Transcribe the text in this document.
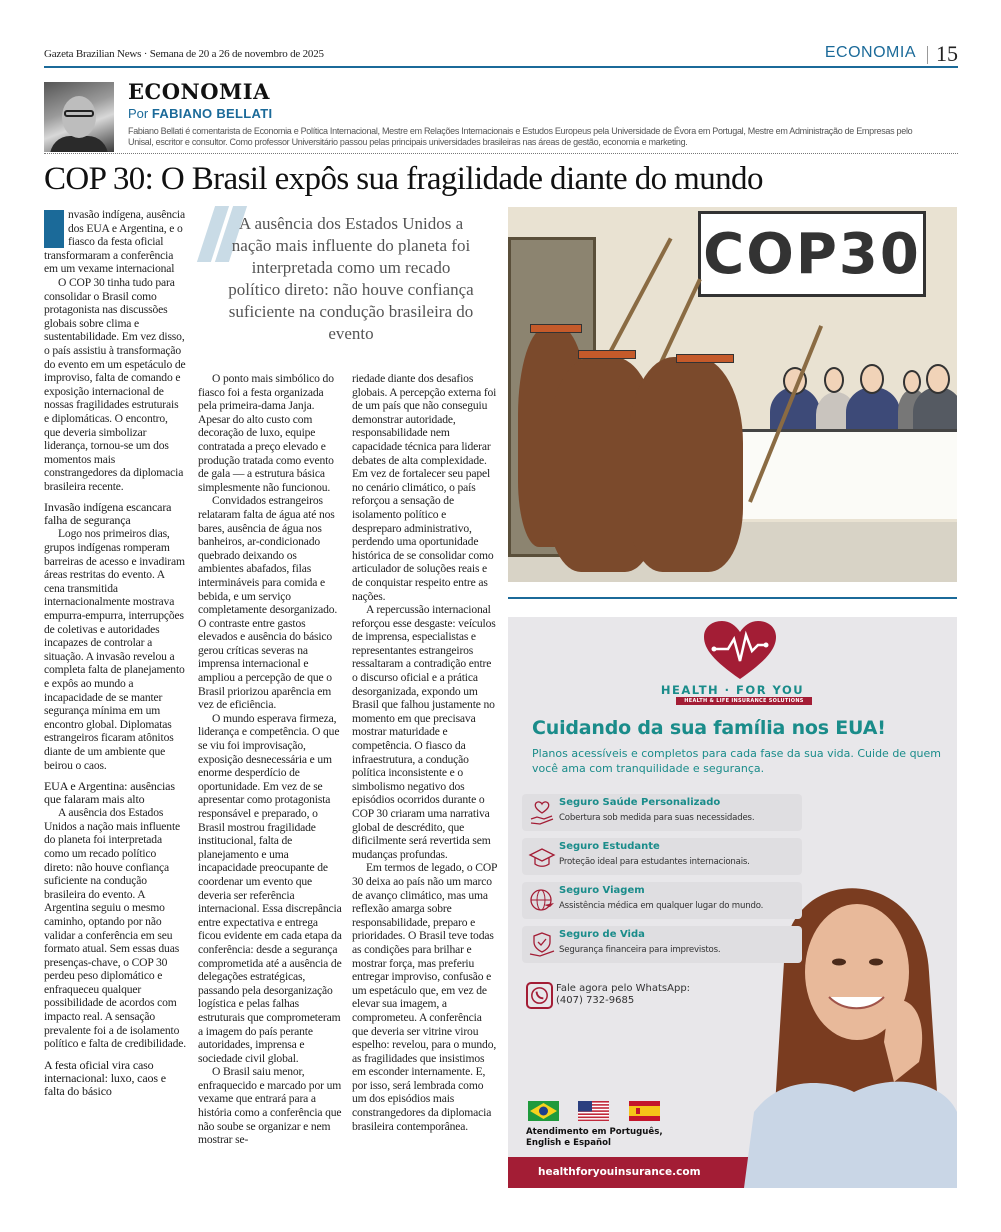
Gazeta Brazilian News · Semana de 20 a 26 de novembro de 2025	ECONOMIA 15
ECONOMIA
Por FABIANO BELLATI
Fabiano Bellati é comentarista de Economia e Política Internacional, Mestre em Relações Internacionais e Estudos Europeus pela Universidade de Évora em Portugal, Mestre em Administração de Empresas pelo Unisal, escritor e consultor. Como professor Universitário passou pelas principais universidades brasileiras nas áreas de gestão, economia e marketing.
COP 30: O Brasil expôs sua fragilidade diante do mundo

nvasão indígena, ausência dos EUA e Argentina, e o fiasco da festa oficial transformaram a conferência em um vexame internacional

O COP 30 tinha tudo para consolidar o Brasil como protagonista nas discussões globais sobre clima e sustentabilidade. Em vez disso, o país assistiu à transformação do evento em um espetáculo de improviso, falta de comando e exposição internacional de nossas fragilidades estruturais e diplomáticas. O encontro, que deveria simbolizar liderança, tornou-se um dos momentos mais constrangedores da diplomacia brasileira recente.

Invasão indígena escancara falha de segurança

Logo nos primeiros dias, grupos indígenas romperam barreiras de acesso e invadiram áreas restritas do evento. A cena transmitida internacionalmente mostrava empurra-empurra, interrupções de coletivas e autoridades incapazes de controlar a situação. A invasão revelou a completa falta de planejamento e expôs ao mundo a incapacidade de se manter segurança mínima em um encontro global. Diplomatas estrangeiros ficaram atônitos diante de um ambiente que beirou o caos.

EUA e Argentina: ausências que falaram mais alto

A ausência dos Estados Unidos a nação mais influente do planeta foi interpretada como um recado político direto: não houve confiança suficiente na condução brasileira do evento. A Argentina seguiu o mesmo caminho, optando por não validar a conferência em seu formato atual. Sem essas duas presenças-chave, o COP 30 perdeu peso diplomático e enfraqueceu qualquer possibilidade de acordos com impacto real. A sensação prevalente foi a de isolamento político e falta de credibilidade.

A festa oficial vira caso internacional: luxo, caos e falta do básico
A ausência dos Estados Unidos a nação mais influente do planeta foi interpretada como um recado político direto: não houve confiança suficiente na condução brasileira do evento

O ponto mais simbólico do fiasco foi a festa organizada pela primeira-dama Janja. Apesar do alto custo com decoração de luxo, equipe contratada a preço elevado e produção tratada como evento de gala — a estrutura básica simplesmente não funcionou.

Convidados estrangeiros relataram falta de água até nos bares, ausência de água nos banheiros, ar-condicionado quebrado deixando os ambientes abafados, filas intermináveis para comida e bebida, e um serviço completamente desorganizado. O contraste entre gastos elevados e ausência do básico gerou críticas severas na imprensa internacional e ampliou a percepção de que o Brasil priorizou aparência em vez de eficiência.

O mundo esperava firmeza, liderança e competência. O que se viu foi improvisação, exposição desnecessária e um enorme desperdício de oportunidade. Em vez de se apresentar como protagonista responsável e preparado, o Brasil mostrou fragilidade institucional, falta de planejamento e uma incapacidade preocupante de coordenar um evento que deveria ser referência internacional. Essa discrepância entre expectativa e entrega ficou evidente em cada etapa da conferência: desde a segurança comprometida até a ausência de delegações estratégicas, passando pela desorganização logística e pelas falhas estruturais que comprometeram a imagem do país perante autoridades, imprensa e sociedade civil global.

O Brasil saiu menor, enfraquecido e marcado por um vexame que entrará para a história como a conferência que não soube se organizar e nem mostrar se-

riedade diante dos desafios globais. A percepção externa foi de um país que não conseguiu demonstrar autoridade, responsabilidade nem capacidade técnica para liderar debates de alta complexidade. Em vez de fortalecer seu papel no cenário climático, o país reforçou a sensação de isolamento político e despreparo administrativo, perdendo uma oportunidade histórica de se consolidar como articulador de soluções reais e de conquistar respeito entre as nações.

A repercussão internacional reforçou esse desgaste: veículos de imprensa, especialistas e representantes estrangeiros ressaltaram a contradição entre o discurso oficial e a prática desorganizada, expondo um Brasil que falhou justamente no momento em que precisava mostrar maturidade e competência. O fiasco da infraestrutura, a condução política inconsistente e o simbolismo negativo dos episódios ocorridos durante o COP 30 criaram uma narrativa global de descrédito, que dificilmente será revertida sem mudanças profundas.

Em termos de legado, o COP 30 deixa ao país não um marco de avanço climático, mas uma reflexão amarga sobre responsabilidade, preparo e prioridades. O Brasil teve todas as condições para brilhar e mostrar força, mas preferiu entregar improviso, confusão e um espetáculo que, em vez de elevar sua imagem, a comprometeu. A conferência que deveria ser vitrine virou espelho: revelou, para o mundo, as fragilidades que insistimos em esconder internamente. E, por isso, será lembrada como um dos episódios mais constrangedores da diplomacia brasileira contemporânea.

COP30
HEALTH · FOR YOU
HEALTH & LIFE INSURANCE SOLUTIONS
Cuidando da sua família nos EUA!
Planos acessíveis e completos para cada fase da sua vida. Cuide de quem você ama com tranquilidade e segurança.
Seguro Saúde Personalizado
Cobertura sob medida para suas necessidades.
Seguro Estudante
Proteção ideal para estudantes internacionais.
Seguro Viagem
Assistência médica em qualquer lugar do mundo.
Seguro de Vida
Segurança financeira para imprevistos.
Fale agora pelo WhatsApp:
(407) 732-9685
Atendimento em Português,
English e Español
healthforyouinsurance.com
